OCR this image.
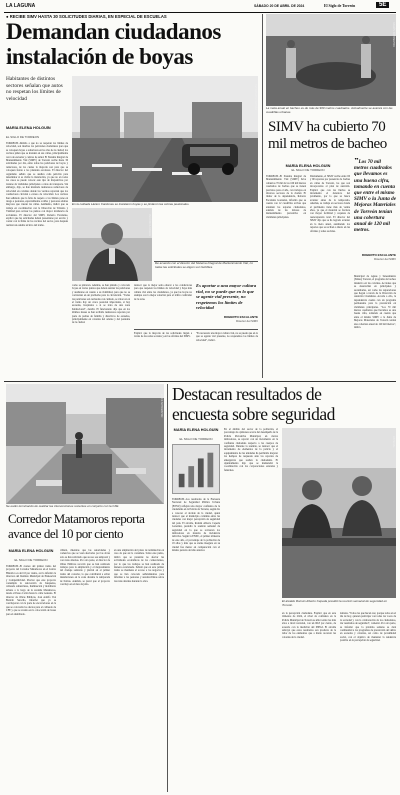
LA LAGUNA	SÁBADO 20 DE ABRIL DE 2024	El Siglo de Torreón	5E
● RECIBE SIMV HASTA 30 SOLICITUDES DIARIAS, EN ESPECIAL DE ESCUELAS
Demandan ciudadanos
instalación de boyas
Habitantes de distintos sectores señalan que autos no respetan los límites de velocidad
MARÍA ELENA HOLGUÍN
EL SIGLO DE TORREÓN
TORREÓN.-Debido a que no se respetan los límites de velocidad, son muchos los peticiones ciudadanos para que se coloquen boyas o reductores en las vías de la ciudad; los vecinos piden que se instalen en sus calles, principalmente cerca de escuelas y centros de salud. El Sistema Integral de Mantenimiento Vial (SIMV) de Torreón recibe hasta 30 solicitudes por día, entre todas las peticiones de boyas y reductores, de los cuales la mayoría son para que se coloquen frente a los planteles escolares. El director del organismo señaló que se analiza cada petición para determinar si es viable la instalación, ya que no en todos los casos se puede colocar este tipo de dispositivos por tratarse de vialidades principales o rutas de transporte. Sin embargo, dijo, se han instalado numerosos reductores de velocidad en colonias donde los vecinos reportan que los conductores circulan a exceso de velocidad. Los vecinos han señalado que la falta de respeto a los límites pone en riesgo a peatones, especialmente a niños y personas adultas mayores que cruzan las calles. Asimismo, indicó que se trabaja en coordinación con la Dirección de Tránsito y Vialidad para revisar los puntos con mayor incidencia de accidentes. El director del SIMV, Roberto Escalante, explicó que las solicitudes deben presentarse por escrito y contar con la firma de los vecinos del sector, para después realizar un estudio técnico del tramo.
FERNANDO COMPEÁN
En la calzada Lázaro Cárdenas se instalaron boyas y se pintaron las cebras peatonales.
VERÓNICA RIVERA
De acuerdo con el director del Sistema Integral de Mantenimiento Vial, no todas las solicitudes se eligen son factibles.
como se pintaron. Además, se han pintado y colocado boyas en varios puntos que deben atender las peticiones y analizarse en cuanto a su viabilidad, para que no se conviertan en un problema para la circulación. "Todas las peticiones son revisadas con cuidado, se valora si en el tramo hay un cruce peatonal importante, si hay escuelas, hospitales o si se trata de una zona habitacional", detalló. El funcionario dijo que en los últimos meses se han recibido numerosos reportes por parte de padres de familia y directivos de escuelas, principalmente en colonias del oriente y del poniente de la ciudad.
destacó que lo mejor sería educar a los conductores para que respeten los límites de velocidad y haya más cultura vial entre los ciudadanos, ya que las boyas no siempre son la mejor solución para el tráfico vehicular de la zona.
Es aportar a una mayor cultura vial, no se puede que en lo que se agente vial presente, no respetemos los límites de velocidad
ROBERTO ESCALANTE
Director del SIMV
Explicó que la mayoría de las solicitudes llegan a través de las redes sociales y en las oficinas del SIMV.
"Es necesario una mayor cultura vial, no se puede que en lo que se agente vial presente, no respetemos los límites de velocidad", indicó.
RAMÓN SOTOMAYOR
La meta anual en bacheo es de más de 900 metros cuadrados. Actualmente se avanza con las cuadrillas urbanas.
SIMV ha cubierto 70
mil metros de bacheo
MARÍA ELENA HOLGUÍN
EL SIGLO DE TORREÓN
TORREÓN.-El Sistema Integral de Mantenimiento Vial (SIMV) lleva cubiertos 70 mil de los 160 mil metros cuadrados de bacheo que se tienen previstos para el año, con trabajos en diversos sectores de la ciudad. El titular de la dependencia, Roberto Escalante Gonzalez, informó que se cuenta con 12 cuadrillas activas que atienden los reportes ciudadanos, además de las labores de mantenimiento preventivo en vialidades principales.
Diariamente, el SIMV recibe entre 60 y 90 reportes por presencia de baches en calles de Torreón, los que son incorporados al plan de atención. Explicó que con las lluvias se incrementa el deterioro del pavimento, por lo que se busca avanzar antes de la temporada. Además, se trabaja en sectores donde el pavimento tiene más de veinte años, ya que el material se fractura con mayor facilidad y requiere de reencarpetado total. El director del SIMV dijo que se ha logrado avanzar en la meta anual, atendiendo los reportes que se reciben a diario en las oficinas y redes sociales.
“Los 70 mil metros cuadrados que llevamos es una buena cifra, tomando en cuenta que entre el mismo SIMV o la Junta de Mejoras Materiales de Torreón tenían una cobertura anual de 120 mil metros.
ROBERTO ESCALANTE
Director del SIMV
Municipal de Aguas y Saneamiento (Simas) Torreón, el programa de bacheo intensivo en las colonias. Acciones que se desarrollan en principales y secundarias, así como las reparaciones que llegan a través de la Dirección de Atención Ciudadana. Acorde a ello, la dependencia cuenta con un programa permanente para la prevención en vialidades principales. "Los 70 mil metros cuadrados que llevamos es una buena cifra, tomando en cuenta que entre el mismo SIMV o la Junta de Mejoras Materiales de Torreón tenían una cobertura anual de 120 mil metros", indicó.
ERICK SOTOMAYOR
Se están terminando de realizar las intervenciones recientes en conjunto con la CFE.
Corredor Matamoros reporta
avance del 10 por ciento
MARÍA ELENA HOLGUÍN
EL SIGLO DE TORREÓN
TORREÓN.-El avance del primer tramo del proyecto del Corredor Matamoros en el Centro Histórico es del 10 por ciento, así lo informó la directora del Instituto Municipal de Planeación y Competitividad. Precisó que este proyecto contempla la renovación de banquetas, cableado subterráneo, iluminación y mobiliario urbano a lo largo de la avenida Matamoros, desde el Paseo Colón hasta la calle Galeana. El director de Obras Públicas, José Adolfo Von Bertrab Saracho, informó que ya se concluyeron con la parte de excavaciones en la que se colocarán los ductos para el cableado de CFE y que se avanza en la colocación de bases para el alumbrado.
cilitará, mientras que las autoridades y comercios que se vean afectados por las obras solo se han solicitado que su uso sea temporal y con rutas alternas. Por otra parte, el director de Obras Públicas recordó que se han realizado trabajos para la ampliación y el mejoramiento del drenaje sanitario y pluvial en el primer tramo del corredor, lo que contribuirá a evitar inundaciones en la zona durante la temporada de lluvias. Además, se prevé que el proyecto concluya en el mes de julio.
en una ampliación del plazo de terminación en caso de que así lo considere. Sobre este punto, indicó que se pretende no afectar las actividades económicas de los comerciantes, por lo que los trabajos se han realizado de manera escalonada. Señaló que en este primer tramo se mantiene el acceso a los negocios y que se han colocado señalamientos para informar a los peatones y automovilistas sobre las rutas alternas durante la obra.
Destacan resultados de
encuesta sobre seguridad
MARÍA ELENA HOLGUÍN
EL SIGLO DE TORREÓN
TORREÓN.-Los resultados de la Encuesta Nacional de Seguridad Pública Urbana (ENSU) reflejan una mayor confianza de la ciudadanía en la Policía de Torreón, según dio a conocer el alcalde de la ciudad, quien destacó que el municipio continúa entre las ciudades con mejor percepción de seguridad del país. El alcalde, Román Alberto Cepeda González, presidió la reunión semanal de seguridad en la que se revisaron los indicadores en materia de incidencia delictiva. Según la ENSU, el primer trimestre de este año, el porcentaje de la población de 18 años y más que se siente insegura en su ciudad fue menor en comparación con el mismo periodo del año anterior.
En el ámbito del sector de la población, el porcentaje de opiniones acerca del desempeño de la Policía Preventiva Municipal, en ciertos indicadores, se reportó con un incremento en la confianza ciudadana respecto a los cuerpos de seguridad. Durante la reunión, se destacó que el incremento de elementos de la policía y el equipamiento de las unidades ha permitido mejorar los tiempos de respuesta ante los reportes de emergencia que realiza la ciudadanía. El Ayuntamiento dijo que se mantendrá la coordinación con las corporaciones estatales y federales.
ESPECIAL
El alcalde Román Alberto Cepeda presidió la reunión semanal de seguridad en Torreón.
en la percepción ciudadana. Explicó que en este trimestre de 2024, el nivel de confianza en la Policía Municipal de Torreón se ubicó entre los más altos a nivel nacional, con un 66.8 por ciento, de acuerdo con la medición del INEGI. El alcalde subrayó que estos resultados son producto de la labor de los elementos que a diario recorren las colonias de la ciudad.
nalistas. "Todos los que hacen vez, porque todos en el día de hoy, quieren participar con todas las voces de la sociedad y con la colaboración de los ciudadanos, dar resultados de seguridad", comentó. Por otra parte, se informó que la próxima semana se dará continuidad a los programas de prevención del delito en escuelas y colonias, así como de proximidad social, con el objetivo de mantener la tendencia positiva en la percepción de seguridad.
